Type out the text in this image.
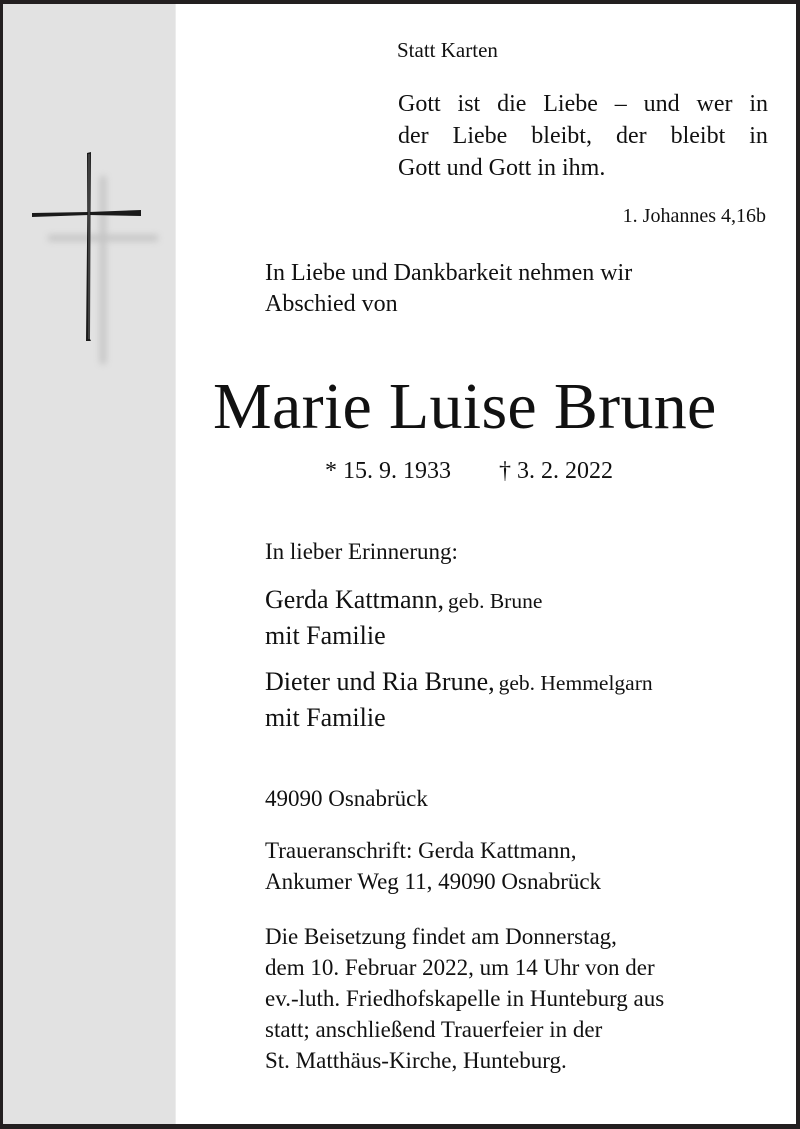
Statt Karten
Gott ist die Liebe – und wer in
der Liebe bleibt, der bleibt in
Gott und Gott in ihm.
1. Johannes 4,16b
In Liebe und Dankbarkeit nehmen wir
Abschied von
Marie Luise Brune
* 15. 9. 1933 † 3. 2. 2022
In lieber Erinnerung:
Gerda Kattmann, geb. Brune
mit Familie
Dieter und Ria Brune, geb. Hemmelgarn
mit Familie
49090 Osnabrück
Traueranschrift: Gerda Kattmann,
Ankumer Weg 11, 49090 Osnabrück
Die Beisetzung findet am Donnerstag,
dem 10. Februar 2022, um 14 Uhr von der
ev.-luth. Friedhofskapelle in Hunteburg aus
statt; anschließend Trauerfeier in der
St. Matthäus-Kirche, Hunteburg.
